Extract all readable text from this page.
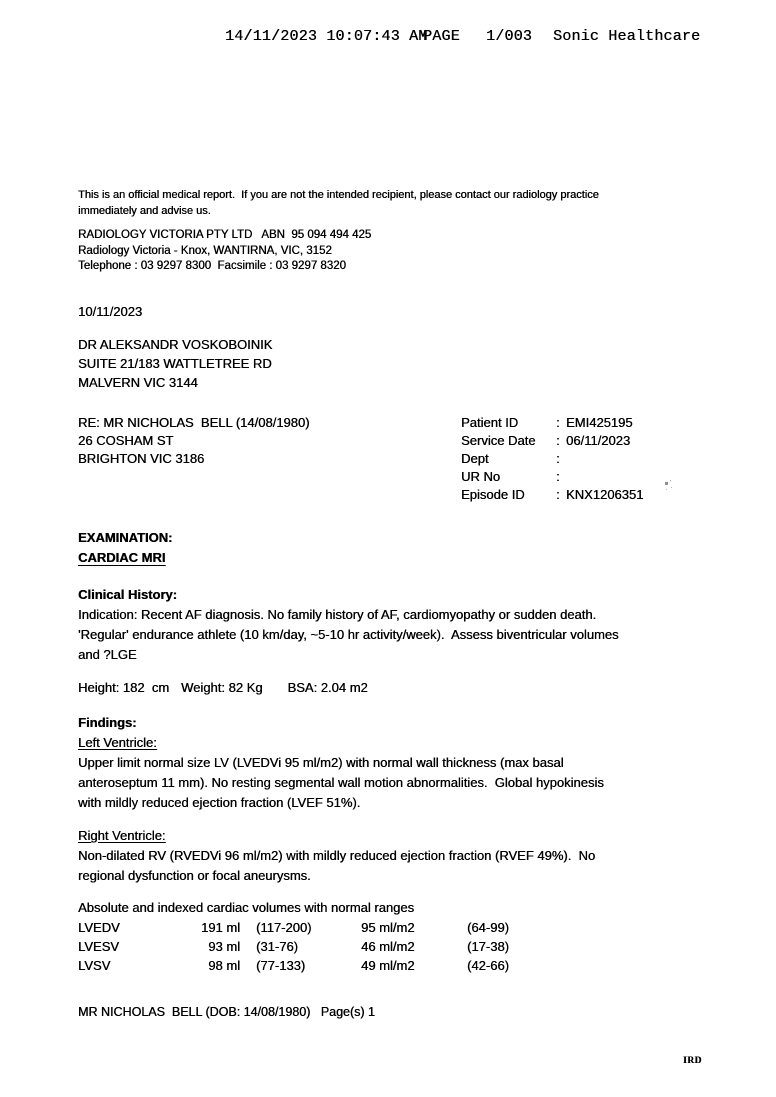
14/11/2023 10:07:43 AM
PAGE 1/003 Sonic Healthcare
This is an official medical report.  If you are not the intended recipient, please contact our radiology practice
immediately and advise us.
RADIOLOGY VICTORIA PTY LTD   ABN  95 094 494 425
Radiology Victoria - Knox, WANTIRNA, VIC, 3152
Telephone : 03 9297 8300  Facsimile : 03 9297 8320
10/11/2023
DR ALEKSANDR VOSKOBOINIK
SUITE 21/183 WATTLETREE RD
MALVERN VIC 3144
RE: MR NICHOLAS  BELL (14/08/1980)
26 COSHAM ST
BRIGHTON VIC 3186
Patient ID	: EMI425195
Service Date	: 06/11/2023
Dept	:
UR No	:
Episode ID	: KNX1206351
EXAMINATION:
CARDIAC MRI
Clinical History:
Indication: Recent AF diagnosis. No family history of AF, cardiomyopathy or sudden death.
'Regular' endurance athlete (10 km/day, ~5-10 hr activity/week).  Assess biventricular volumes
and ?LGE
Height: 182  cm Weight: 82 Kg BSA: 2.04 m2
Findings:
Left Ventricle:
Upper limit normal size LV (LVEDVi 95 ml/m2) with normal wall thickness (max basal
anteroseptum 11 mm). No resting segmental wall motion abnormalities.  Global hypokinesis
with mildly reduced ejection fraction (LVEF 51%).
Right Ventricle:
Non-dilated RV (RVEDVi 96 ml/m2) with mildly reduced ejection fraction (RVEF 49%).  No
regional dysfunction or focal aneurysms.
Absolute and indexed cardiac volumes with normal ranges
LVEDV	191 ml	(117-200)	95 ml/m2	(64-99)
LVESV	93 ml	(31-76)	46 ml/m2	(17-38)
LVSV	98 ml	(77-133)	49 ml/m2	(42-66)
MR NICHOLAS  BELL (DOB: 14/08/1980)   Page(s) 1
IRD
